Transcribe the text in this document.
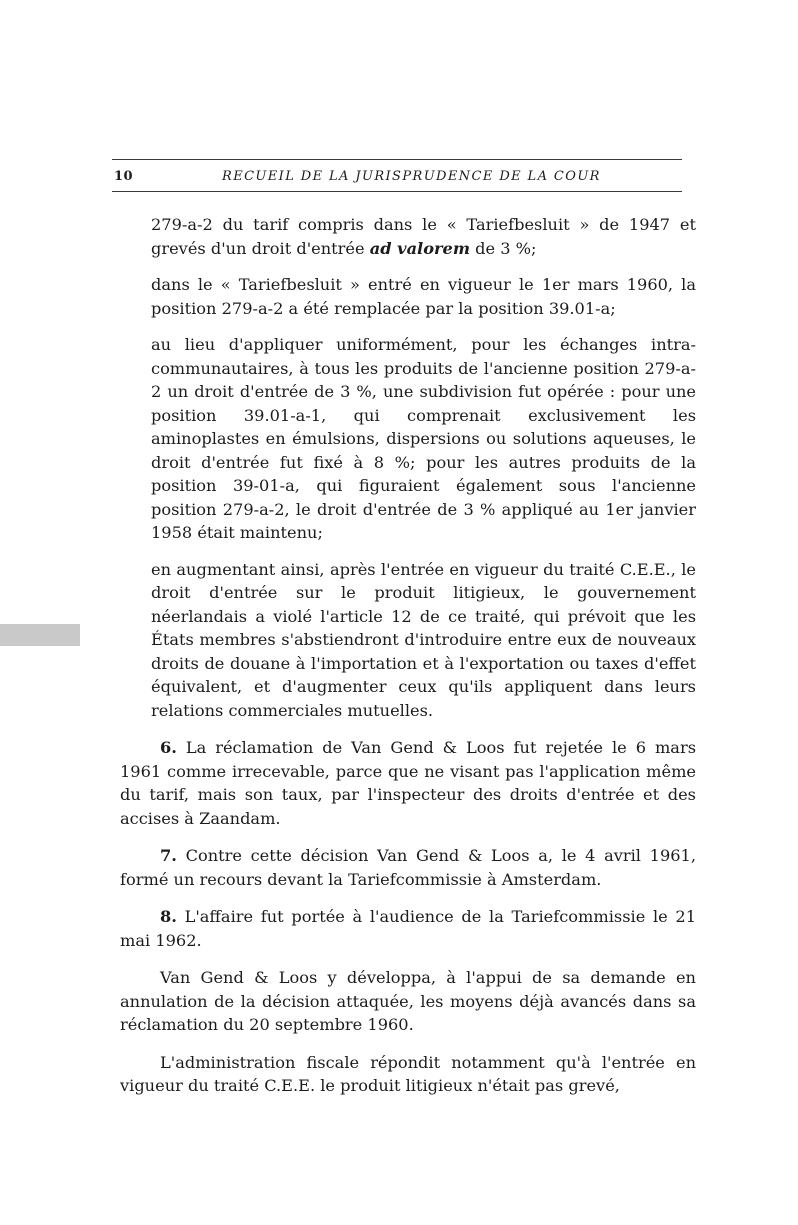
10	RECUEIL DE LA JURISPRUDENCE DE LA COUR

279-a-2 du tarif compris dans le « Tariefbesluit » de 1947 et grevés d'un droit d'entrée ad valorem de 3 %;

dans le « Tariefbesluit » entré en vigueur le 1er mars 1960, la position 279-a-2 a été remplacée par la position 39.01-a;

au lieu d'appliquer uniformément, pour les échanges intra-communautaires, à tous les produits de l'ancienne position 279-a-2 un droit d'entrée de 3 %, une subdivision fut opérée : pour une position 39.01-a-1, qui comprenait exclusivement les aminoplastes en émulsions, dispersions ou solutions aqueuses, le droit d'entrée fut fixé à 8 %; pour les autres produits de la position 39-01-a, qui figuraient également sous l'ancienne position 279-a-2, le droit d'entrée de 3 % appliqué au 1er janvier 1958 était maintenu;

en augmentant ainsi, après l'entrée en vigueur du traité C.E.E., le droit d'entrée sur le produit litigieux, le gouvernement néerlandais a violé l'article 12 de ce traité, qui prévoit que les États membres s'abstiendront d'introduire entre eux de nouveaux droits de douane à l'importation et à l'exportation ou taxes d'effet équivalent, et d'augmenter ceux qu'ils appliquent dans leurs relations commerciales mutuelles.

6. La réclamation de Van Gend & Loos fut rejetée le 6 mars 1961 comme irrecevable, parce que ne visant pas l'application même du tarif, mais son taux, par l'inspecteur des droits d'entrée et des accises à Zaandam.

7. Contre cette décision Van Gend & Loos a, le 4 avril 1961, formé un recours devant la Tariefcommissie à Amsterdam.

8. L'affaire fut portée à l'audience de la Tariefcommissie le 21 mai 1962.

Van Gend & Loos y développa, à l'appui de sa demande en annulation de la décision attaquée, les moyens déjà avancés dans sa réclamation du 20 septembre 1960.

L'administration fiscale répondit notamment qu'à l'entrée en vigueur du traité C.E.E. le produit litigieux n'était pas grevé,
